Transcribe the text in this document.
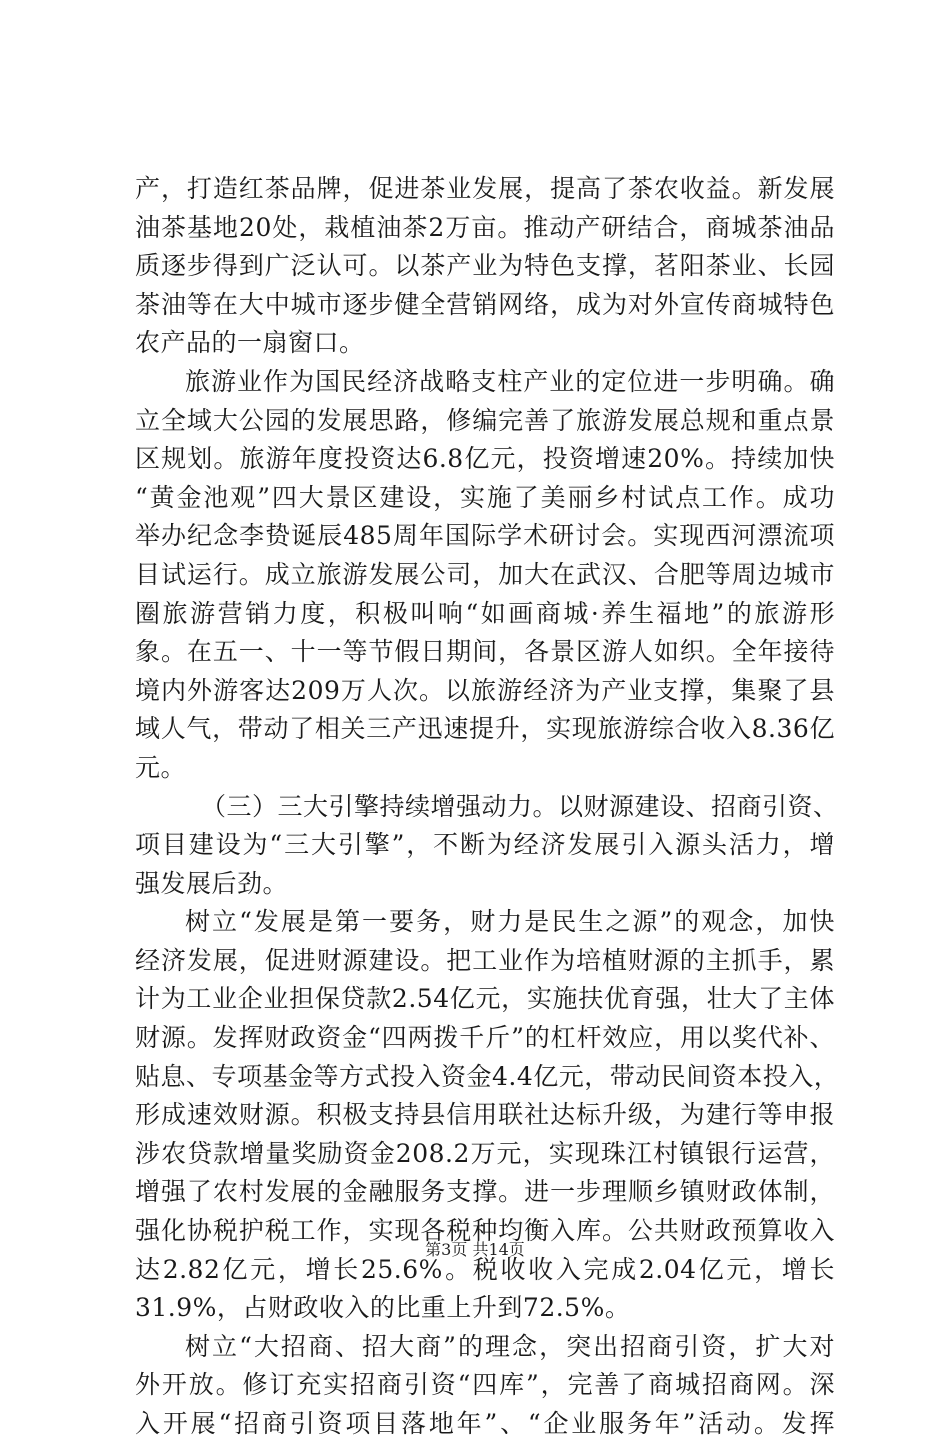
产，打造红茶品牌，促进茶业发展，提高了茶农收益。新发展
油茶基地20处，栽植油茶2万亩。推动产研结合，商城茶油品
质逐步得到广泛认可。以茶产业为特色支撑，茗阳茶业、长园
茶油等在大中城市逐步健全营销网络，成为对外宣传商城特色
农产品的一扇窗口。
旅游业作为国民经济战略支柱产业的定位进一步明确。确
立全域大公园的发展思路，修编完善了旅游发展总规和重点景
区规划。旅游年度投资达6.8亿元，投资增速20%。持续加快
“黄金池观”四大景区建设，实施了美丽乡村试点工作。成功
举办纪念李贽诞辰485周年国际学术研讨会。实现西河漂流项
目试运行。成立旅游发展公司，加大在武汉、合肥等周边城市
圈旅游营销力度，积极叫响“如画商城·养生福地”的旅游形
象。在五一、十一等节假日期间，各景区游人如织。全年接待
境内外游客达209万人次。以旅游经济为产业支撑，集聚了县
域人气，带动了相关三产迅速提升，实现旅游综合收入8.36亿
元。
（三）三大引擎持续增强动力。以财源建设、招商引资、
项目建设为“三大引擎”，不断为经济发展引入源头活力，增
强发展后劲。
树立“发展是第一要务，财力是民生之源”的观念，加快
经济发展，促进财源建设。把工业作为培植财源的主抓手，累
计为工业企业担保贷款2.54亿元，实施扶优育强，壮大了主体
财源。发挥财政资金“四两拨千斤”的杠杆效应，用以奖代补、
贴息、专项基金等方式投入资金4.4亿元，带动民间资本投入，
形成速效财源。积极支持县信用联社达标升级，为建行等申报
涉农贷款增量奖励资金208.2万元，实现珠江村镇银行运营，
增强了农村发展的金融服务支撑。进一步理顺乡镇财政体制，
强化协税护税工作，实现各税种均衡入库。公共财政预算收入
达2.82亿元，增长25.6%。税收收入完成2.04亿元，增长
31.9%，占财政收入的比重上升到72.5%。
树立“大招商、招大商”的理念，突出招商引资，扩大对
外开放。修订充实招商引资“四库”，完善了商城招商网。深
入开展“招商引资项目落地年”、“企业服务年”活动。发挥
第3页 共14页
